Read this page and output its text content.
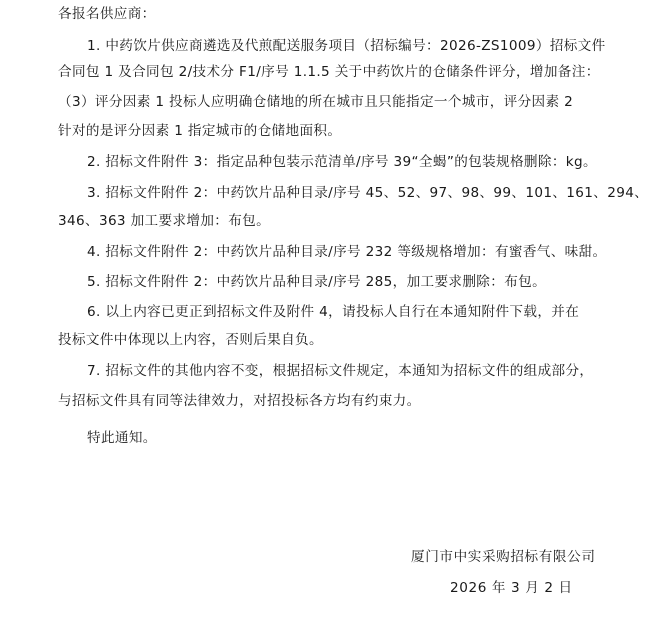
各报名供应商：
1. 中药饮片供应商遴选及代煎配送服务项目（招标编号：2026-ZS1009）招标文件
合同包 1 及合同包 2/技术分 F1/序号 1.1.5 关于中药饮片的仓储条件评分，增加备注：
（3）评分因素 1 投标人应明确仓储地的所在城市且只能指定一个城市，评分因素 2
针对的是评分因素 1 指定城市的仓储地面积。
2. 招标文件附件 3：指定品种包装示范清单/序号 39“全蝎”的包装规格删除：kg。
3. 招标文件附件 2：中药饮片品种目录/序号 45、52、97、98、99、101、161、294、
346、363 加工要求增加：布包。
4. 招标文件附件 2：中药饮片品种目录/序号 232 等级规格增加：有蜜香气、味甜。
5. 招标文件附件 2：中药饮片品种目录/序号 285，加工要求删除：布包。
6. 以上内容已更正到招标文件及附件 4，请投标人自行在本通知附件下载，并在
投标文件中体现以上内容，否则后果自负。
7. 招标文件的其他内容不变，根据招标文件规定，本通知为招标文件的组成部分，
与招标文件具有同等法律效力，对招投标各方均有约束力。
特此通知。
厦门市中实采购招标有限公司
2026 年 3 月 2 日
